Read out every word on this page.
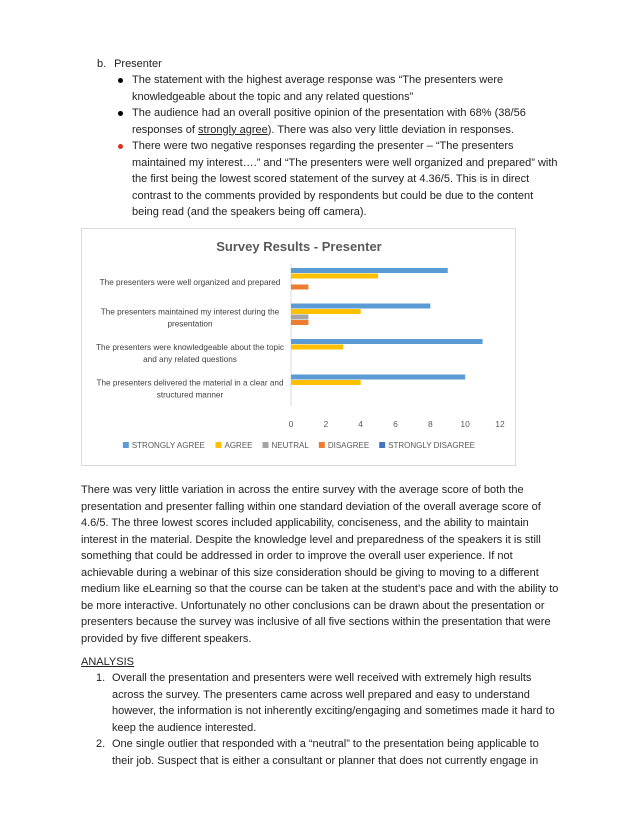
b. Presenter
The statement with the highest average response was “The presenters were knowledgeable about the topic and any related questions”
The audience had an overall positive opinion of the presentation with 68% (38/56 responses of strongly agree). There was also very little deviation in responses.
There were two negative responses regarding the presenter – “The presenters maintained my interest….” and “The presenters were well organized and prepared” with the first being the lowest scored statement of the survey at 4.36/5. This is in direct contrast to the comments provided by respondents but could be due to the content being read (and the speakers being off camera).
Survey Results - Presenter
The presenters were well organized and prepared
The presenters maintained my interest during the
presentation
The presenters were knowledgeable about the topic
and any related questions
The presenters delivered the material in a clear and
structured manner
0	2	4	6	8	10	12
STRONGLY AGREE AGREE NEUTRAL DISAGREE STRONGLY DISAGREE
There was very little variation in across the entire survey with the average score of both the presentation and presenter falling within one standard deviation of the overall average score of 4.6/5. The three lowest scores included applicability, conciseness, and the ability to maintain interest in the material. Despite the knowledge level and preparedness of the speakers it is still something that could be addressed in order to improve the overall user experience. If not achievable during a webinar of this size consideration should be giving to moving to a different medium like eLearning so that the course can be taken at the student’s pace and with the ability to be more interactive. Unfortunately no other conclusions can be drawn about the presentation or presenters because the survey was inclusive of all five sections within the presentation that were provided by five different speakers.
ANALYSIS
1. Overall the presentation and presenters were well received with extremely high results across the survey. The presenters came across well prepared and easy to understand however, the information is not inherently exciting/engaging and sometimes made it hard to keep the audience interested.
2. One single outlier that responded with a “neutral” to the presentation being applicable to their job. Suspect that is either a consultant or planner that does not currently engage in
